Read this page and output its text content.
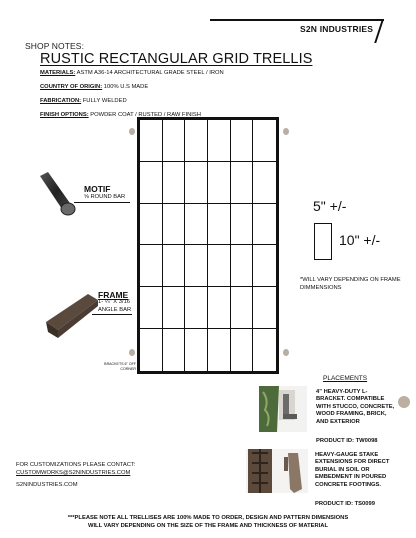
S2N INDUSTRIES
SHOP NOTES:
RUSTIC RECTANGULAR GRID TRELLIS
MATERIALS: ASTM A36-14 ARCHITECTURAL GRADE STEEL / IRON
COUNTRY OF ORIGIN: 100% U.S MADE
FABRICATION: FULLY WELDED
FINISH OPTIONS: POWDER COAT / RUSTED / RAW FINISH
MOTIF
⅝ ROUND BAR
FRAME
1- ¼" X 3/16
ANGLE BAR
BRACKETS 6" OFF CORNER
5" +/-
10" +/-
*WILL VARY DEPENDING ON FRAME DIMMENSIONS
PLACEMENTS
4" HEAVY-DUTY L-BRACKET. COMPATIBLE WITH STUCCO, CONCRETE, WOOD FRAMING, BRICK, AND EXTERIOR
PRODUCT ID: TW0098
HEAVY-GAUGE STAKE EXTENSIONS FOR DIRECT BURIAL IN SOIL OR EMBEDMENT IN POURED CONCRETE FOOTINGS.
PRODUCT ID: TS0099
FOR CUSTOMIZATIONS PLEASE CONTACT:
CUSTOMWORKS@S2NINDUSTRIES.COM
S2NINDUSTRIES.COM
***PLEASE NOTE ALL TRELLISES ARE 100% MADE TO ORDER, DESIGN AND PATTERN DIMENSIONS
WILL VARY DEPENDING ON THE SIZE OF THE FRAME AND THICKNESS OF MATERIAL
